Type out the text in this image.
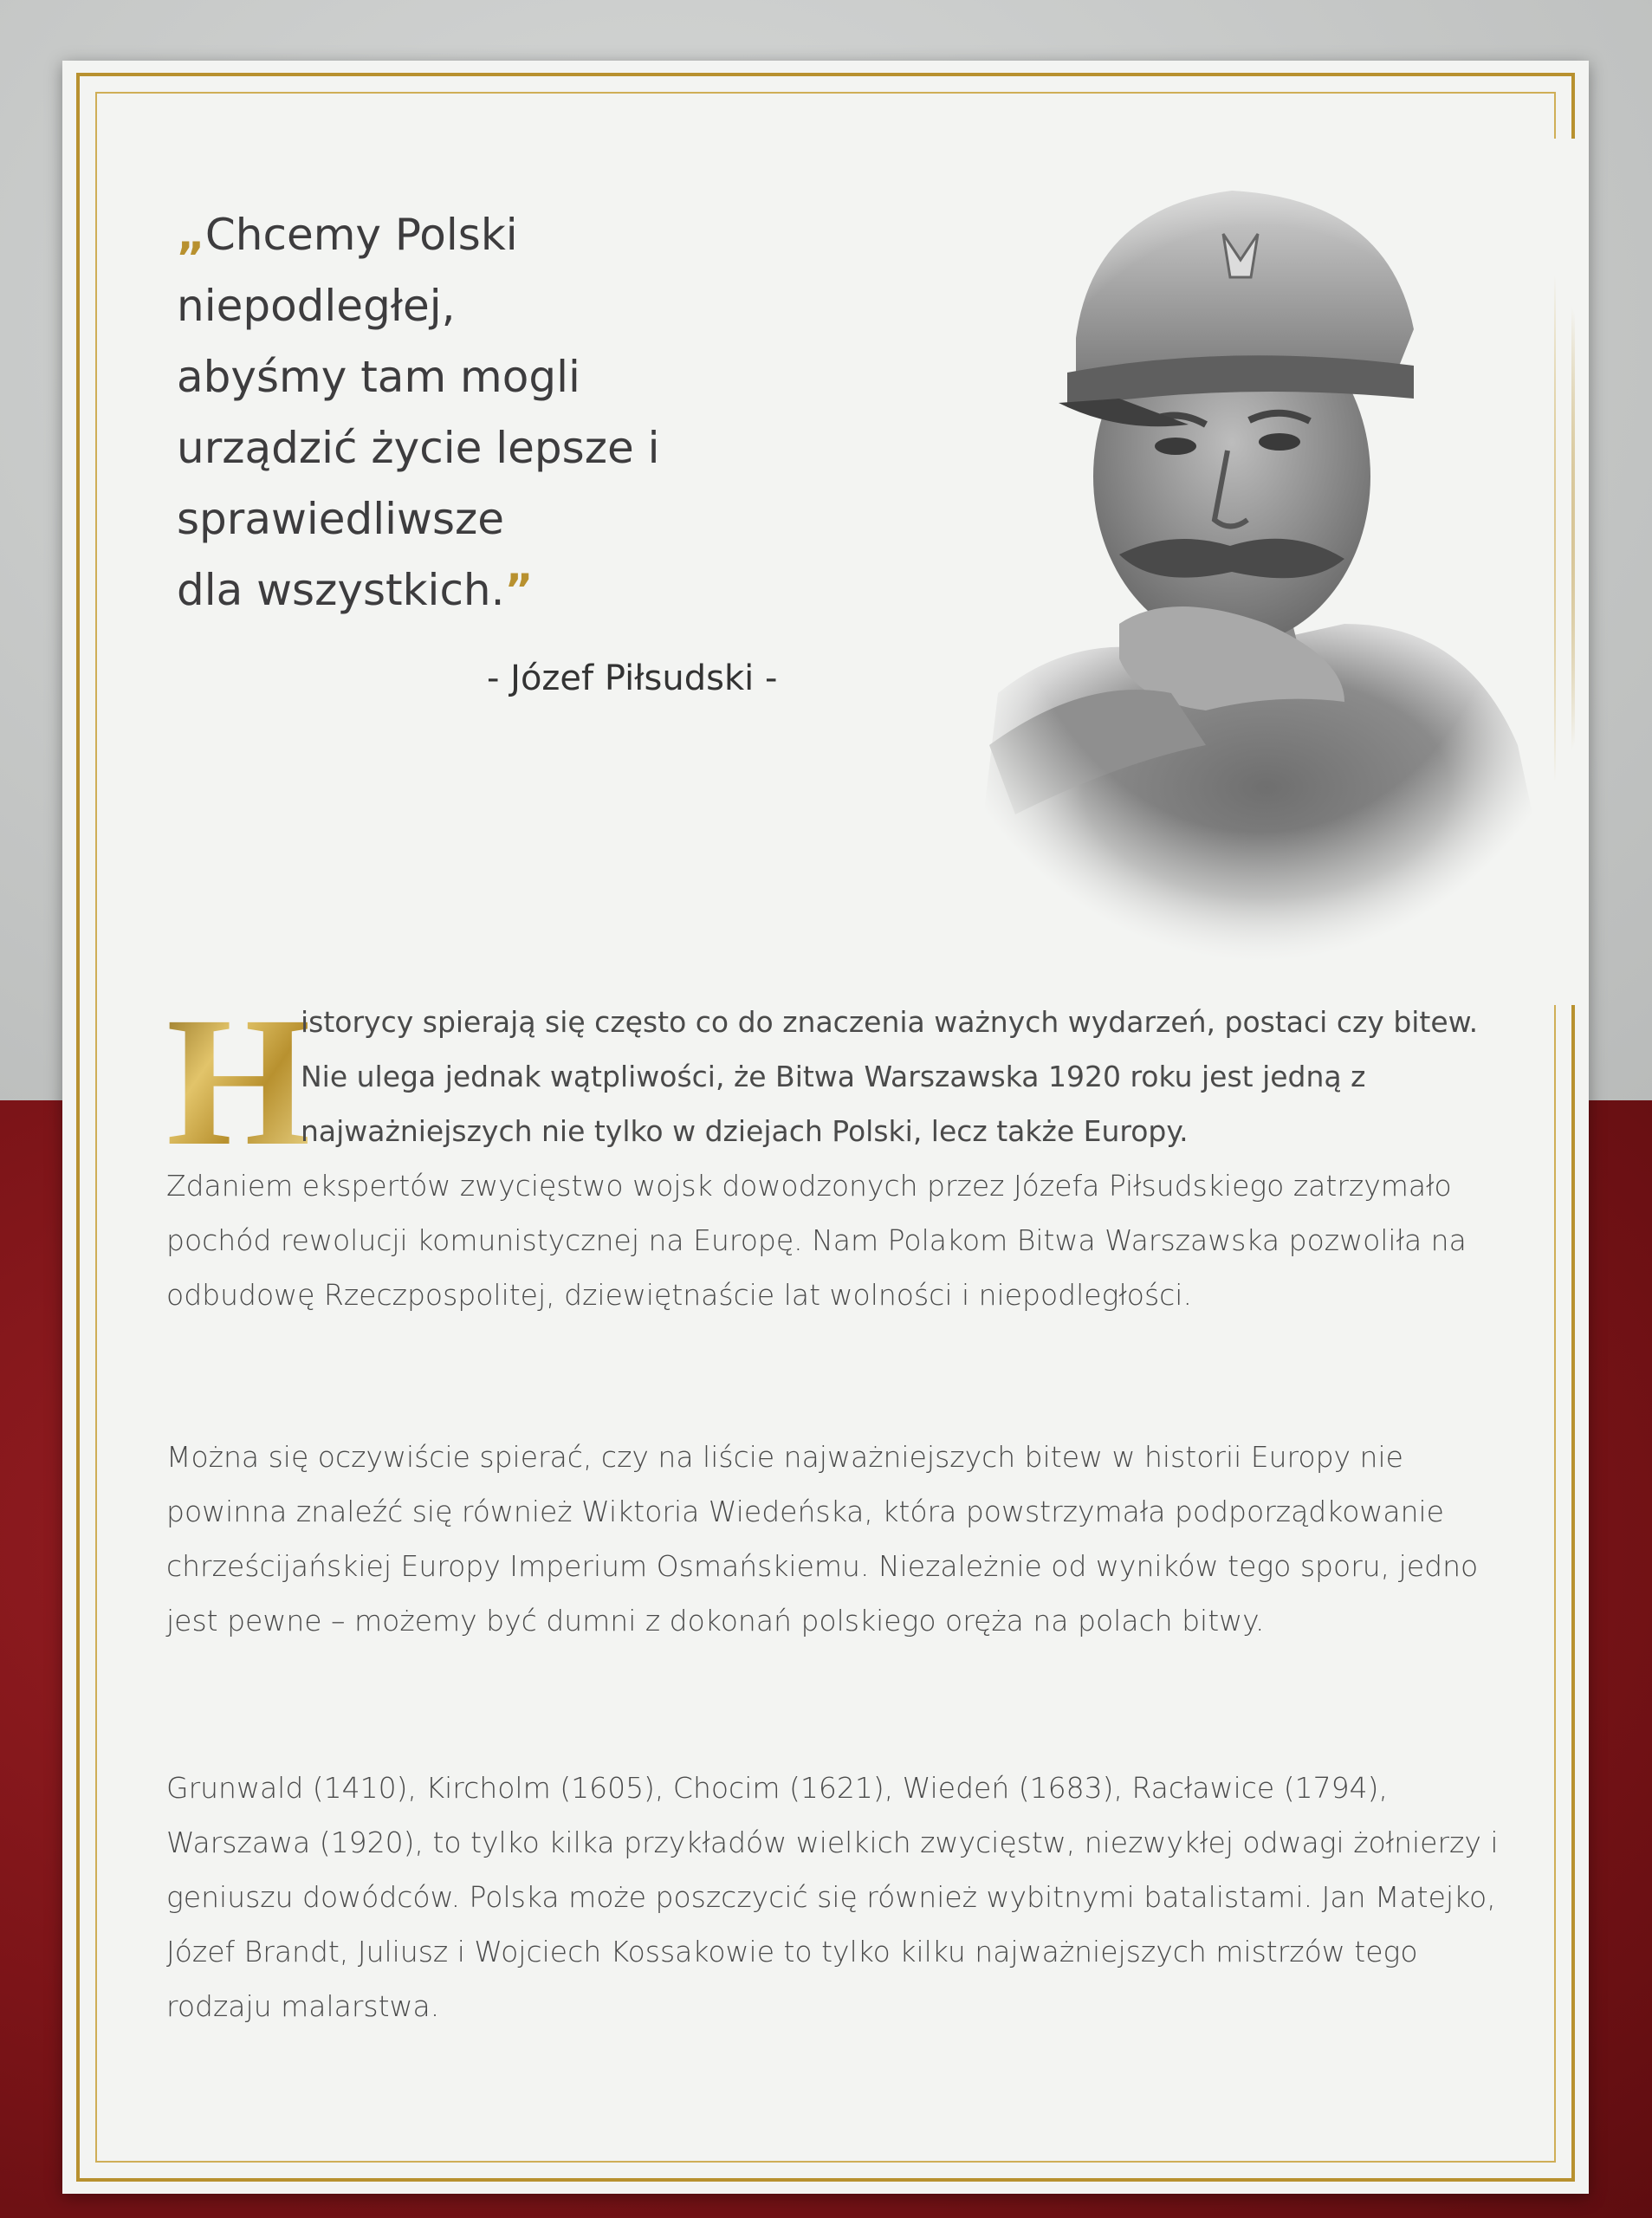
„Chcemy Polski
niepodległej,
abyśmy tam mogli
urządzić życie lepsze i
sprawiedliwsze
dla wszystkich.”

- Józef Piłsudski -
H

istorycy spierają się często co do znaczenia ważnych wydarzeń, postaci czy bitew. Nie ulega jednak wątpliwości, że Bitwa Warszawska 1920 roku jest jedną z najważniejszych nie tylko w dziejach Polski, lecz także Europy.

Zdaniem ekspertów zwycięstwo wojsk dowodzonych przez Józefa Piłsudskiego zatrzymało pochód rewolucji komunistycznej na Europę. Nam Polakom Bitwa Warszawska pozwoliła na odbudowę Rzeczpospolitej, dziewiętnaście lat wolności i niepodległości.

Można się oczywiście spierać, czy na liście najważniejszych bitew w historii Europy nie powinna znaleźć się również Wiktoria Wiedeńska, która powstrzymała podporządkowanie chrześcijańskiej Europy Imperium Osmańskiemu. Niezależnie od wyników tego sporu, jedno jest pewne – możemy być dumni z dokonań polskiego oręża na polach bitwy.

Grunwald (1410), Kircholm (1605), Chocim (1621), Wiedeń (1683), Racławice (1794), Warszawa (1920), to tylko kilka przykładów wielkich zwycięstw, niezwykłej odwagi żołnierzy i geniuszu dowódców. Polska może poszczycić się również wybitnymi batalistami. Jan Matejko, Józef Brandt, Juliusz i Wojciech Kossakowie to tylko kilku najważniejszych mistrzów tego rodzaju malarstwa.
